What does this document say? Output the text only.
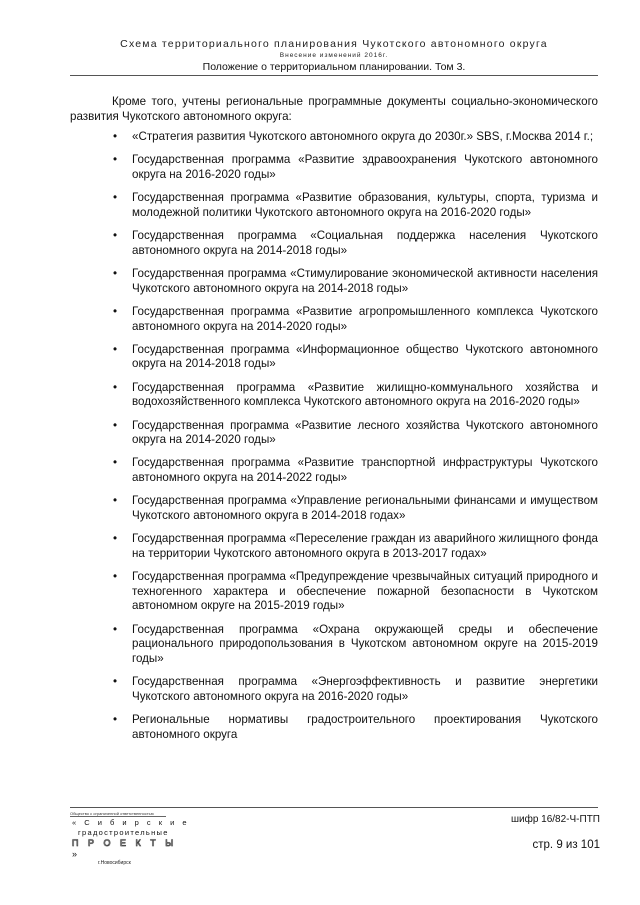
Схема территориального планирования Чукотского автономного округа
Внесение изменений 2016г.
Положение о территориальном планировании. Том 3.

Кроме того, учтены региональные программные документы социально-экономического развития Чукотского автономного округа:

• «Стратегия развития Чукотского автономного округа до 2030г.» SBS, г.Москва 2014 г.;
• Государственная программа «Развитие здравоохранения Чукотского автономного округа на 2016-2020 годы»
• Государственная программа «Развитие образования, культуры, спорта, туризма и молодежной политики Чукотского автономного округа на 2016-2020 годы»
• Государственная программа «Социальная поддержка населения Чукотского автономного округа на 2014-2018 годы»
• Государственная программа «Стимулирование экономической активности населения Чукотского автономного округа на 2014-2018 годы»
• Государственная программа «Развитие агропромышленного комплекса Чукотского автономного округа на 2014-2020 годы»
• Государственная программа «Информационное общество Чукотского автономного округа на 2014-2018 годы»
• Государственная программа «Развитие жилищно-коммунального хозяйства и водохозяйственного комплекса Чукотского автономного округа на 2016-2020 годы»
• Государственная программа «Развитие лесного хозяйства Чукотского автономного округа на 2014-2020 годы»
• Государственная программа «Развитие транспортной инфраструктуры Чукотского автономного округа на 2014-2022 годы»
• Государственная программа «Управление региональными финансами и имуществом Чукотского автономного округа в 2014-2018 годах»
• Государственная программа «Переселение граждан из аварийного жилищного фонда на территории Чукотского автономного округа в 2013-2017 годах»
• Государственная программа «Предупреждение чрезвычайных ситуаций природного и техногенного характера и обеспечение пожарной безопасности в Чукотском автономном округе на 2015-2019 годы»
• Государственная программа «Охрана окружающей среды и обеспечение рационального природопользования в Чукотском автономном округе на 2015-2019 годы»
• Государственная программа «Энергоэффективность и развитие энергетики Чукотского автономного округа на 2016-2020 годы»
• Региональные нормативы градостроительного проектирования Чукотского автономного округа
Общество с ограниченной ответственностью
« С и б и р с к и е
градостроительные
П Р О Е К Т Ы »
г.Новосибирск
шифр 16/82-Ч-ПТП
стр. 9 из 101
